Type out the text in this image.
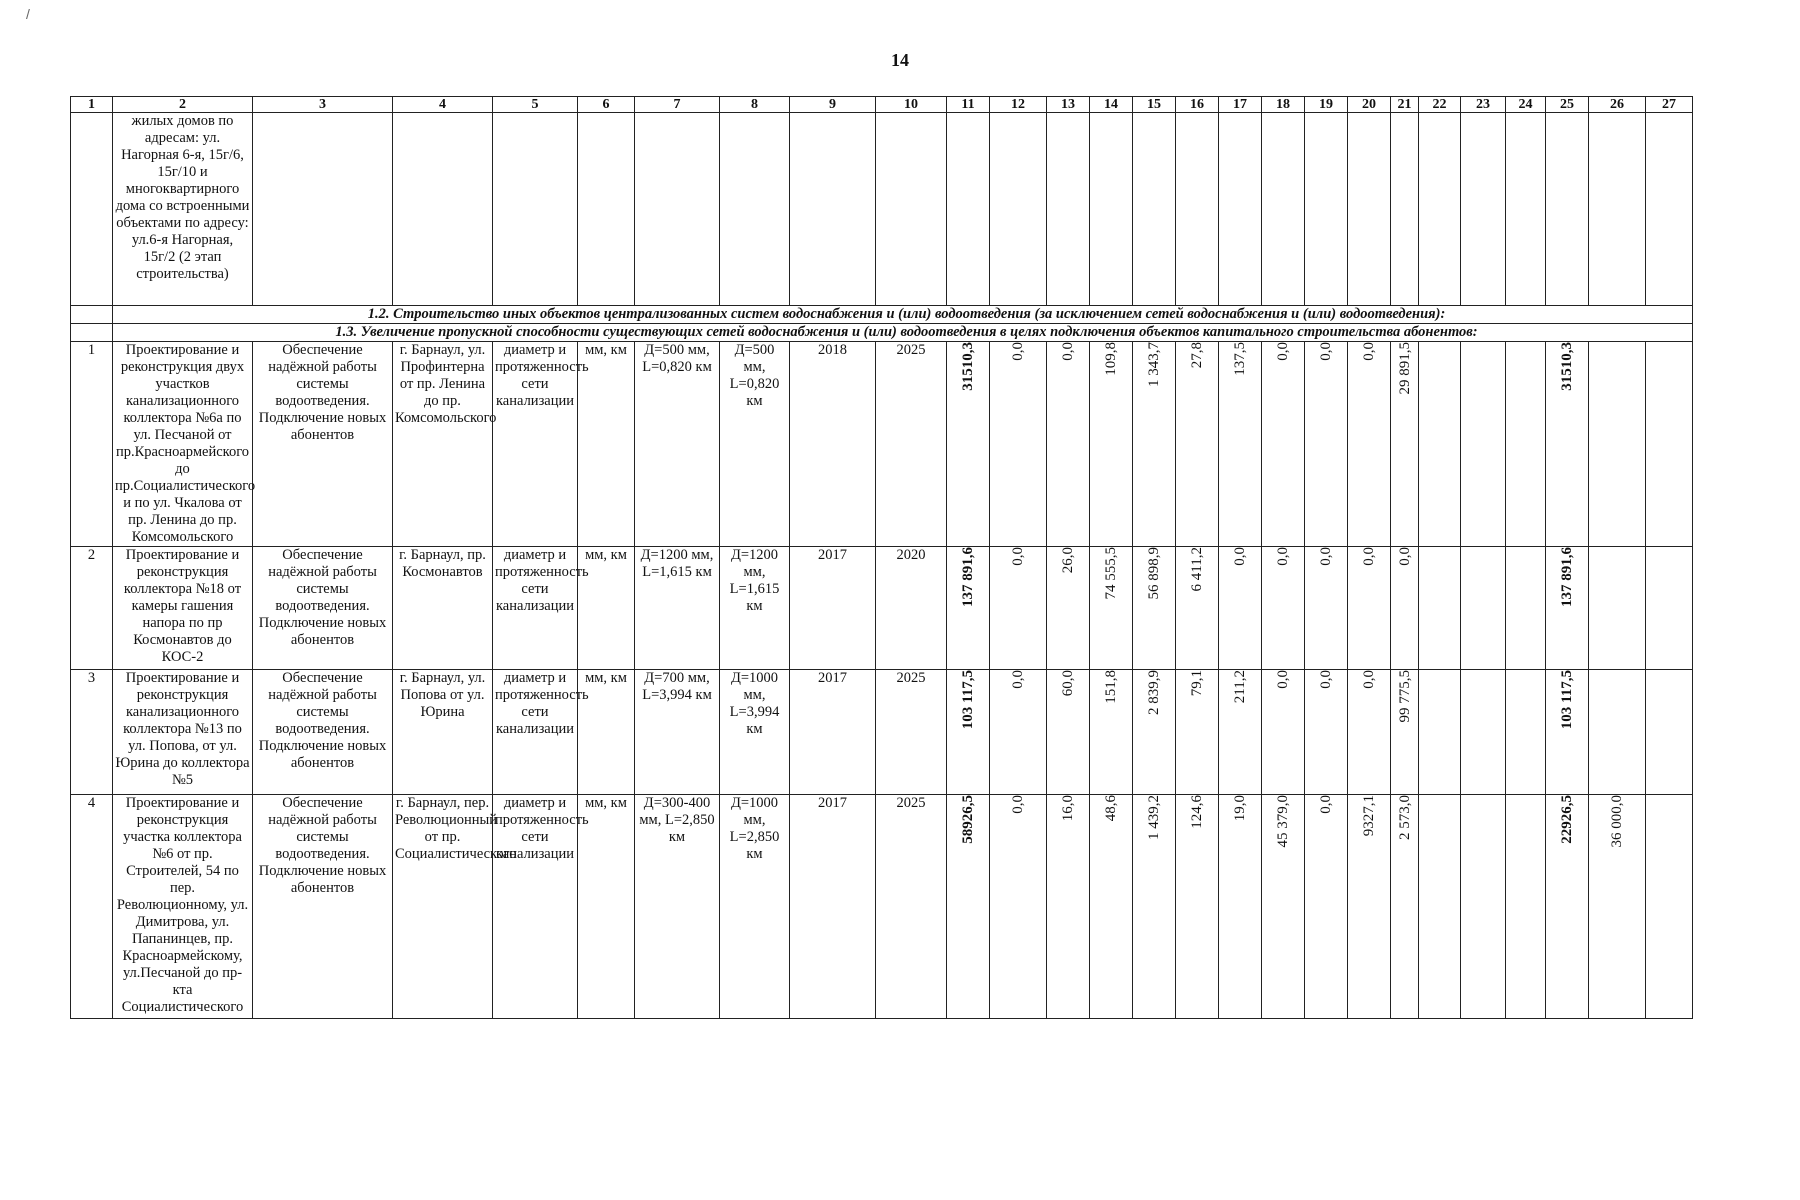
14
/
1	2	3	4	5	6	7	8	9	10	11	12	13	14	15	16	17	18	19	20	21	22	23	24	25	26	27
	жилых домов по адресам: ул. Нагорная 6-я, 15г/6, 15г/10 и многоквартирного дома со встроенными объектами по адресу: ул.6-я Нагорная, 15г/2 (2 этап строительства)																									
	1.2. Строительство иных объектов централизованных систем водоснабжения и (или) водоотведения (за исключением сетей водоснабжения и (или) водоотведения):																									
	1.3. Увеличение пропускной способности существующих сетей водоснабжения и (или) водоотведения в целях подключения объектов капитального строительства абонентов:																									
1	Проектирование и реконструкция двух участков канализационного коллектора №6а по ул. Песчаной от пр.Красноармейского до пр.Социалистического и по ул. Чкалова от пр. Ленина до пр. Комсомольского	Обеспечение надёжной работы системы водоотведения. Подключение новых абонентов	г. Барнаул, ул. Профинтерна от пр. Ленина до пр. Комсомольского	диаметр и протяженность сети канализации	мм, км	Д=500 мм, L=0,820 км	Д=500 мм, L=0,820 км	2018	2025	31510,3	0,0	0,0	109,8	1 343,7	27,8	137,5	0,0	0,0	0,0	29 891,5				31510,3		

2	Проектирование и реконструкция коллектора №18 от камеры гашения напора по пр Космонавтов до КОС-2	Обеспечение надёжной работы системы водоотведения. Подключение новых абонентов	г. Барнаул, пр. Космонавтов	диаметр и протяженность сети канализации	мм, км	Д=1200 мм, L=1,615 км	Д=1200 мм, L=1,615 км	2017	2020	137 891,6	0,0	26,0	74 555,5	56 898,9	6 411,2	0,0	0,0	0,0	0,0	0,0				137 891,6		

3	Проектирование и реконструкция канализационного коллектора №13 по ул. Попова, от ул. Юрина до коллектора №5	Обеспечение надёжной работы системы водоотведения. Подключение новых абонентов	г. Барнаул, ул. Попова от ул. Юрина	диаметр и протяженность сети канализации	мм, км	Д=700 мм, L=3,994 км	Д=1000 мм, L=3,994 км	2017	2025	103 117,5	0,0	60,0	151,8	2 839,9	79,1	211,2	0,0	0,0	0,0	99 775,5				103 117,5		

4	Проектирование и реконструкция участка коллектора №6 от пр. Строителей, 54 по пер. Революционному, ул. Димитрова, ул. Папанинцев, пр. Красноармейскому, ул.Песчаной до пр-кта Социалистического	Обеспечение надёжной работы системы водоотведения. Подключение новых абонентов	г. Барнаул, пер. Революционный от пр. Социалистического	диаметр и протяженность сети канализации	мм, км	Д=300-400 мм, L=2,850 км	Д=1000 мм, L=2,850 км	2017	2025	58926,5	0,0	16,0	48,6	1 439,2	124,6	19,0	45 379,0	0,0	9327,1	2 573,0				22926,5	36 000,0	
